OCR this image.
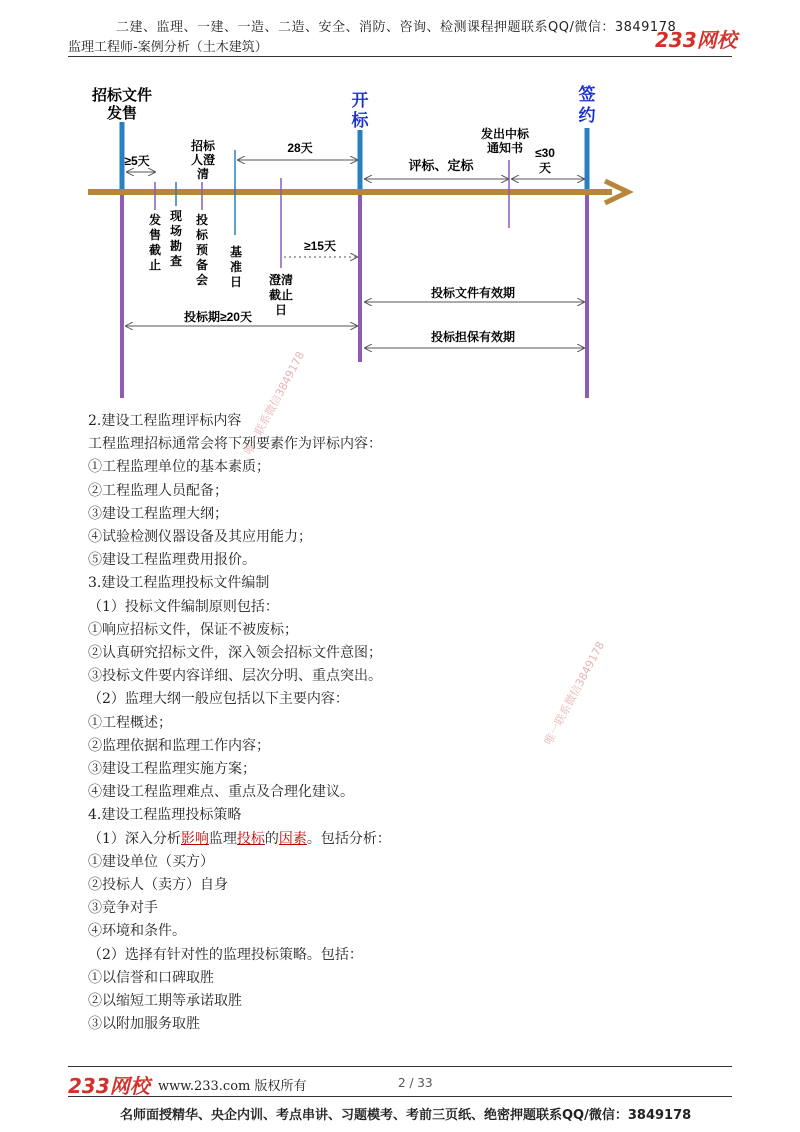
二建、监理、一建、一造、二造、安全、消防、咨询、检测课程押题联系QQ/微信：3849178
监理工程师-案例分析（土木建筑）	233网校
招标文件
发售
开
标
签
约
招标
人澄
清
发出中标
通知书
28天
≥5天
≤30
天
评标、定标
发
售
截
止
现
场
勘
查
投
标
预
备
会
基
准
日 澄清
截止
日
≥15天
投标文件有效期
投标期≥20天
投标担保有效期
2.建设工程监理评标内容
工程监理招标通常会将下列要素作为评标内容：
①工程监理单位的基本素质；
②工程监理人员配备；
③建设工程监理大纲；
④试验检测仪器设备及其应用能力；
⑤建设工程监理费用报价。
3.建设工程监理投标文件编制
（1）投标文件编制原则包括：
①响应招标文件，保证不被废标；
②认真研究招标文件，深入领会招标文件意图；
③投标文件要内容详细、层次分明、重点突出。
（2）监理大纲一般应包括以下主要内容：
①工程概述；
②监理依据和监理工作内容；
③建设工程监理实施方案；
④建设工程监理难点、重点及合理化建议。
4.建设工程监理投标策略
（1）深入分析影响监理投标的因素。包括分析：
①建设单位（买方）
②投标人（卖方）自身
③竞争对手
④环境和条件。
（2）选择有针对性的监理投标策略。包括：
①以信誉和口碑取胜
②以缩短工期等承诺取胜
③以附加服务取胜
唯一联系微信3849178
唯一联系微信3849178
233网校 www.233.com 版权所有	2 / 33
名师面授精华、央企内训、考点串讲、习题模考、考前三页纸、绝密押题联系QQ/微信：3849178
